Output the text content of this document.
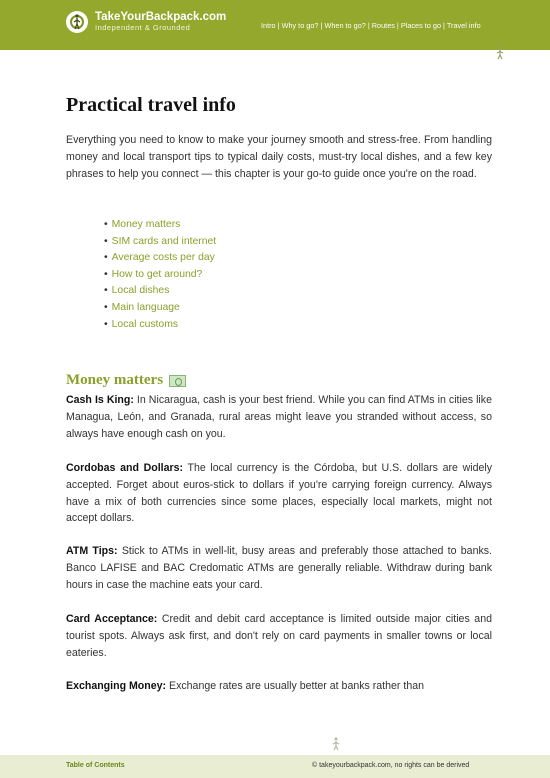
TakeYourBackpack.com
Independent & Grounded	Intro | Why to go? | When to go? | Routes | Places to go | Travel info
Practical travel info

Everything you need to know to make your journey smooth and stress-free. From handling money and local transport tips to typical daily costs, must-try local dishes, and a few key phrases to help you connect — this chapter is your go-to guide once you're on the road.

• Money matters
• SIM cards and internet
• Average costs per day
• How to get around?
• Local dishes
• Main language
• Local customs
Money matters

Cash Is King: In Nicaragua, cash is your best friend. While you can find ATMs in cities like Managua, León, and Granada, rural areas might leave you stranded without access, so always have enough cash on you.

Cordobas and Dollars: The local currency is the Córdoba, but U.S. dollars are widely accepted. Forget about euros-stick to dollars if you're carrying foreign currency. Always have a mix of both currencies since some places, especially local markets, might not accept dollars.

ATM Tips: Stick to ATMs in well-lit, busy areas and preferably those attached to banks. Banco LAFISE and BAC Credomatic ATMs are generally reliable. Withdraw during bank hours in case the machine eats your card.

Card Acceptance: Credit and debit card acceptance is limited outside major cities and tourist spots. Always ask first, and don't rely on card payments in smaller towns or local eateries.

Exchanging Money: Exchange rates are usually better at banks rather than

Table of Contents	© takeyourbackpack.com, no rights can be derived
